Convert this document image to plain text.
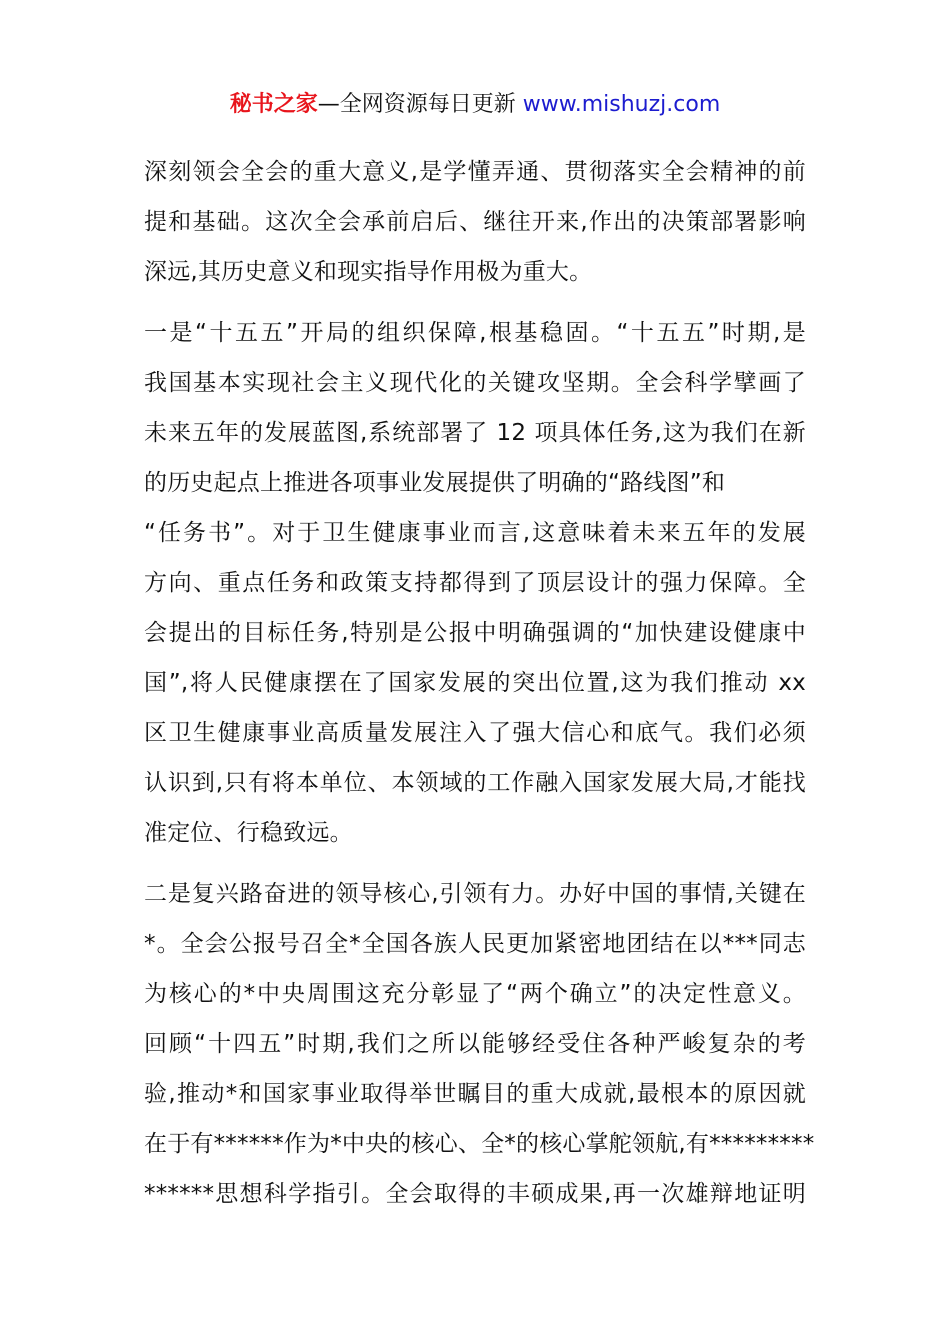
秘书之家—全网资源每日更新 www.mishuzj.com
深刻领会全会的重大意义,是学懂弄通、贯彻落实全会精神的前
提和基础。这次全会承前启后、继往开来,作出的决策部署影响
深远,其历史意义和现实指导作用极为重大。
一是“十五五”开局的组织保障,根基稳固。“十五五”时期,是
我国基本实现社会主义现代化的关键攻坚期。全会科学擘画了
未来五年的发展蓝图,系统部署了 12 项具体任务,这为我们在新
的历史起点上推进各项事业发展提供了明确的“路线图”和
“任务书”。对于卫生健康事业而言,这意味着未来五年的发展
方向、重点任务和政策支持都得到了顶层设计的强力保障。全
会提出的目标任务,特别是公报中明确强调的“加快建设健康中
国”,将人民健康摆在了国家发展的突出位置,这为我们推动 xx
区卫生健康事业高质量发展注入了强大信心和底气。我们必须
认识到,只有将本单位、本领域的工作融入国家发展大局,才能找
准定位、行稳致远。
二是复兴路奋进的领导核心,引领有力。办好中国的事情,关键在
*。全会公报号召全*全国各族人民更加紧密地团结在以***同志
为核心的*中央周围这充分彰显了“两个确立”的决定性意义。
回顾“十四五”时期,我们之所以能够经受住各种严峻复杂的考
验,推动*和国家事业取得举世瞩目的重大成就,最根本的原因就
在于有******作为*中央的核心、全*的核心掌舵领航,有*********
******思想科学指引。全会取得的丰硕成果,再一次雄辩地证明
